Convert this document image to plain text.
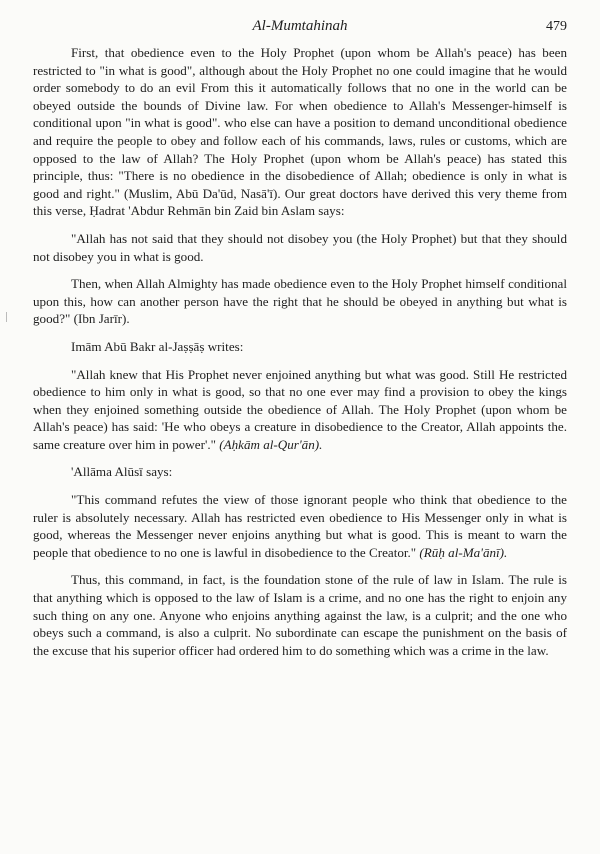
Al-Mumtahinah	479

First, that obedience even to the Holy Prophet (upon whom be Allah's peace) has been restricted to "in what is good", although about the Holy Prophet no one could imagine that he would order somebody to do an evil From this it automatically follows that no one in the world can be obeyed outside the bounds of Divine law. For when obedience to Allah's Messenger-himself is conditional upon "in what is good". who else can have a position to demand unconditional obedience and require the people to obey and follow each of his commands, laws, rules or customs, which are opposed to the law of Allah? The Holy Prophet (upon whom be Allah's peace) has stated this principle, thus: "There is no obedience in the disobedience of Allah; obedience is only in what is good and right." (Muslim, Abū Da'ūd, Nasā'ī). Our great doctors have derived this very theme from this verse, Ḥadrat 'Abdur Rehmān bin Zaid bin Aslam says:

"Allah has not said that they should not disobey you (the Holy Prophet) but that they should not disobey you in what is good.

Then, when Allah Almighty has made obedience even to the Holy Prophet himself conditional upon this, how can another person have the right that he should be obeyed in anything but what is good?" (Ibn Jarīr).

Imām Abū Bakr al-Jaṣṣāṣ writes:

"Allah knew that His Prophet never enjoined anything but what was good. Still He restricted obedience to him only in what is good, so that no one ever may find a provision to obey the kings when they enjoined something outside the obedience of Allah. The Holy Prophet (upon whom be Allah's peace) has said: 'He who obeys a creature in disobedience to the Creator, Allah appoints the. same creature over him in power'." (Aḥkām al-Qur'ān).

'Allāma Alūsī says:

"This command refutes the view of those ignorant people who think that obedience to the ruler is absolutely necessary. Allah has restricted even obedience to His Messenger only in what is good, whereas the Messenger never enjoins anything but what is good. This is meant to warn the people that obedience to no one is lawful in disobedience to the Creator." (Rūḥ al-Ma'ānī).

Thus, this command, in fact, is the foundation stone of the rule of law in Islam. The rule is that anything which is opposed to the law of Islam is a crime, and no one has the right to enjoin any such thing on any one. Anyone who enjoins anything against the law, is a culprit; and the one who obeys such a command, is also a culprit. No subordinate can escape the punishment on the basis of the excuse that his superior officer had ordered him to do something which was a crime in the law.
